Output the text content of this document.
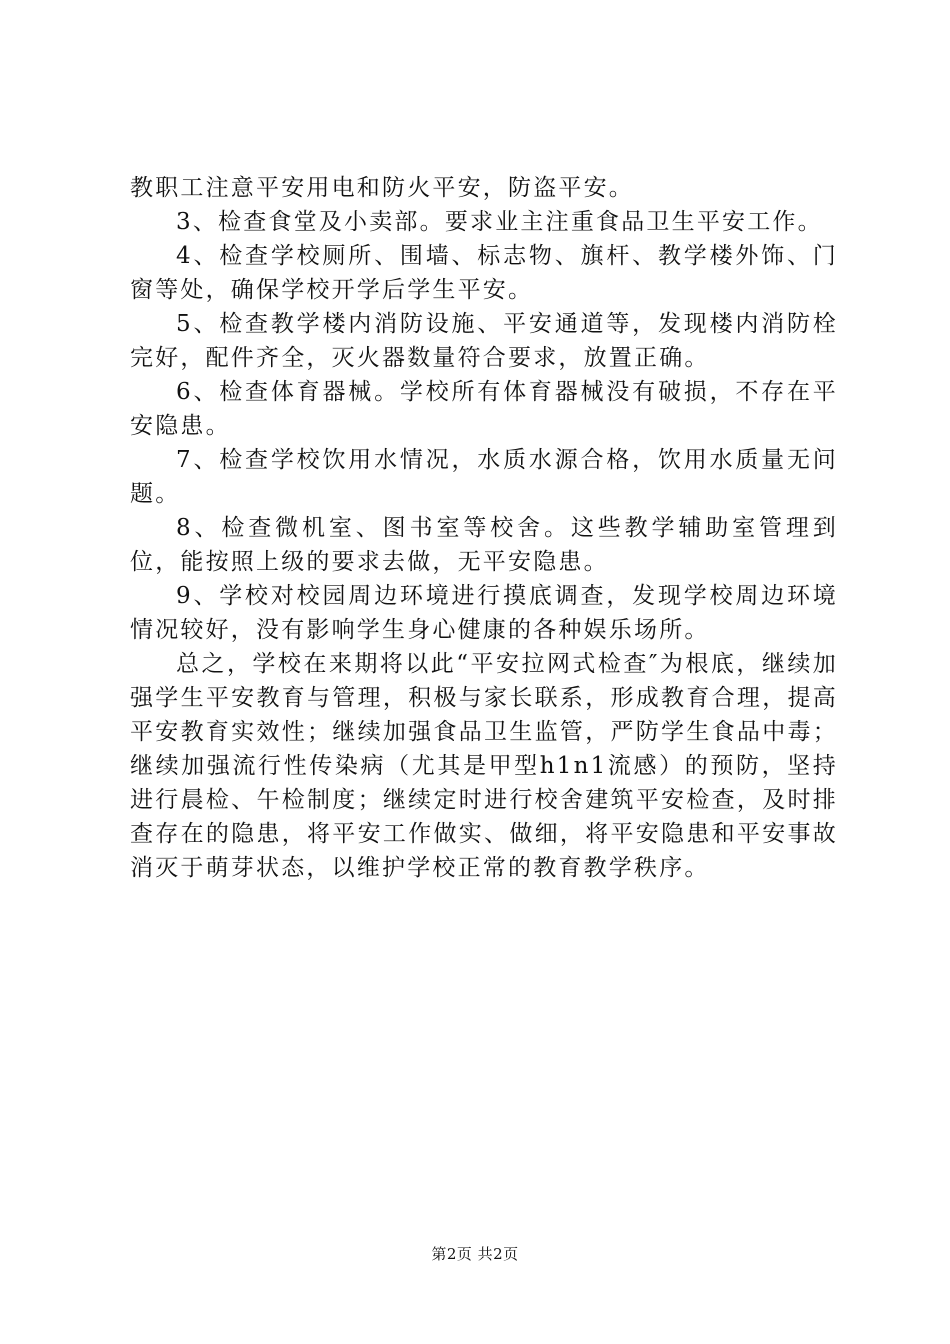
教职工注意平安用电和防火平安，防盗平安。

3、检查食堂及小卖部。要求业主注重食品卫生平安工作。

4、检查学校厕所、围墙、标志物、旗杆、教学楼外饰、门窗等处，确保学校开学后学生平安。

5、检查教学楼内消防设施、平安通道等，发现楼内消防栓完好，配件齐全，灭火器数量符合要求，放置正确。

6、检查体育器械。学校所有体育器械没有破损，不存在平安隐患。

7、检查学校饮用水情况，水质水源合格，饮用水质量无问题。

8、检查微机室、图书室等校舍。这些教学辅助室管理到位，能按照上级的要求去做，无平安隐患。

9、学校对校园周边环境进行摸底调查，发现学校周边环境情况较好，没有影响学生身心健康的各种娱乐场所。

总之，学校在来期将以此“平安拉网式检查″为根底，继续加强学生平安教育与管理，积极与家长联系，形成教育合理，提高平安教育实效性；继续加强食品卫生监管，严防学生食品中毒；继续加强流行性传染病（尤其是甲型h1n1流感）的预防，坚持进行晨检、午检制度；继续定时进行校舍建筑平安检查，及时排查存在的隐患，将平安工作做实、做细，将平安隐患和平安事故消灭于萌芽状态，以维护学校正常的教育教学秩序。

第2页 共2页
